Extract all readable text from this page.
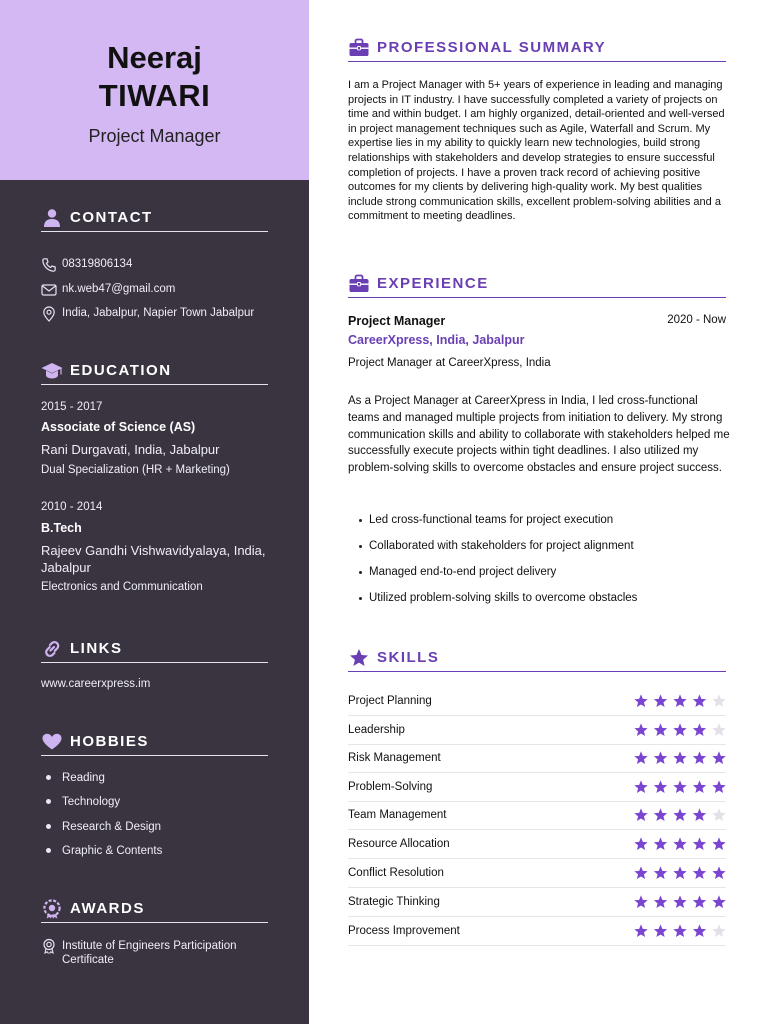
Neeraj
TIWARI
Project Manager
CONTACT
08319806134
nk.web47@gmail.com
India, Jabalpur, Napier Town Jabalpur
EDUCATION
2015 - 2017
Associate of Science (AS)
Rani Durgavati, India, Jabalpur
Dual Specialization (HR + Marketing)
2010 - 2014
B.Tech
Rajeev Gandhi Vishwavidyalaya, India, Jabalpur
Electronics and Communication
LINKS
www.careerxpress.im
HOBBIES
Reading
Technology
Research & Design
Graphic & Contents
AWARDS
Institute of Engineers Participation Certificate
PROFESSIONAL SUMMARY
I am a Project Manager with 5+ years of experience in leading and managing projects in IT industry. I have successfully completed a variety of projects on time and within budget. I am highly organized, detail-oriented and well-versed in project management techniques such as Agile, Waterfall and Scrum. My expertise lies in my ability to quickly learn new technologies, build strong relationships with stakeholders and develop strategies to ensure successful completion of projects. I have a proven track record of achieving positive outcomes for my clients by delivering high-quality work. My best qualities include strong communication skills, excellent problem-solving abilities and a commitment to meeting deadlines.
EXPERIENCE
Project Manager	2020 - Now
CareerXpress, India, Jabalpur
Project Manager at CareerXpress, India
As a Project Manager at CareerXpress in India, I led cross-functional teams and managed multiple projects from initiation to delivery. My strong communication skills and ability to collaborate with stakeholders helped me successfully execute projects within tight deadlines. I also utilized my problem-solving skills to overcome obstacles and ensure project success.
Led cross-functional teams for project execution
Collaborated with stakeholders for project alignment
Managed end-to-end project delivery
Utilized problem-solving skills to overcome obstacles
SKILLS
Project Planning
Leadership
Risk Management
Problem-Solving
Team Management
Resource Allocation
Conflict Resolution
Strategic Thinking
Process Improvement
